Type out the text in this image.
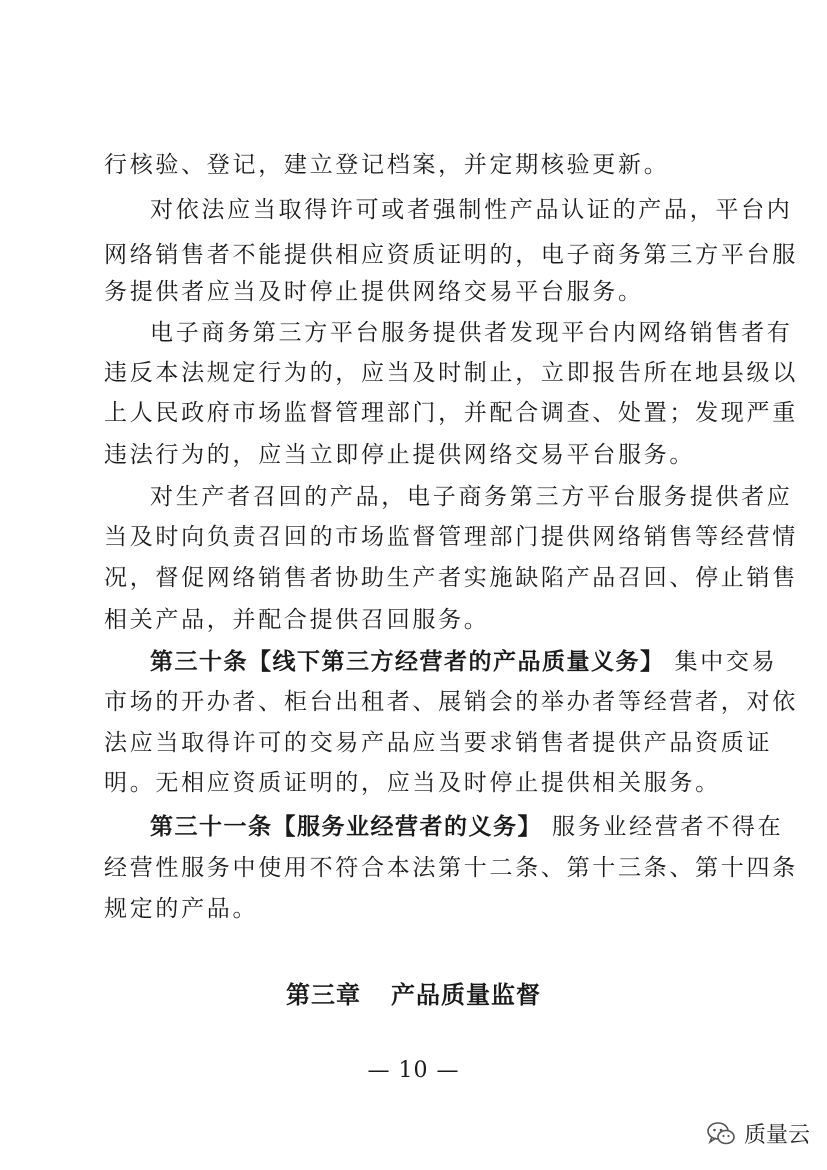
行核验、登记，建立登记档案，并定期核验更新。
对依法应当取得许可或者强制性产品认证的产品，平台内
网络销售者不能提供相应资质证明的，电子商务第三方平台服
务提供者应当及时停止提供网络交易平台服务。
电子商务第三方平台服务提供者发现平台内网络销售者有
违反本法规定行为的，应当及时制止，立即报告所在地县级以
上人民政府市场监督管理部门，并配合调查、处置；发现严重
违法行为的，应当立即停止提供网络交易平台服务。
对生产者召回的产品，电子商务第三方平台服务提供者应
当及时向负责召回的市场监督管理部门提供网络销售等经营情
况，督促网络销售者协助生产者实施缺陷产品召回、停止销售
相关产品，并配合提供召回服务。
第三十条【线下第三方经营者的产品质量义务】 集中交易
市场的开办者、柜台出租者、展销会的举办者等经营者，对依
法应当取得许可的交易产品应当要求销售者提供产品资质证
明。无相应资质证明的，应当及时停止提供相关服务。
第三十一条【服务业经营者的义务】 服务业经营者不得在
经营性服务中使用不符合本法第十二条、第十三条、第十四条
规定的产品。
第三章 产品质量监督
— 10 —
质量云
